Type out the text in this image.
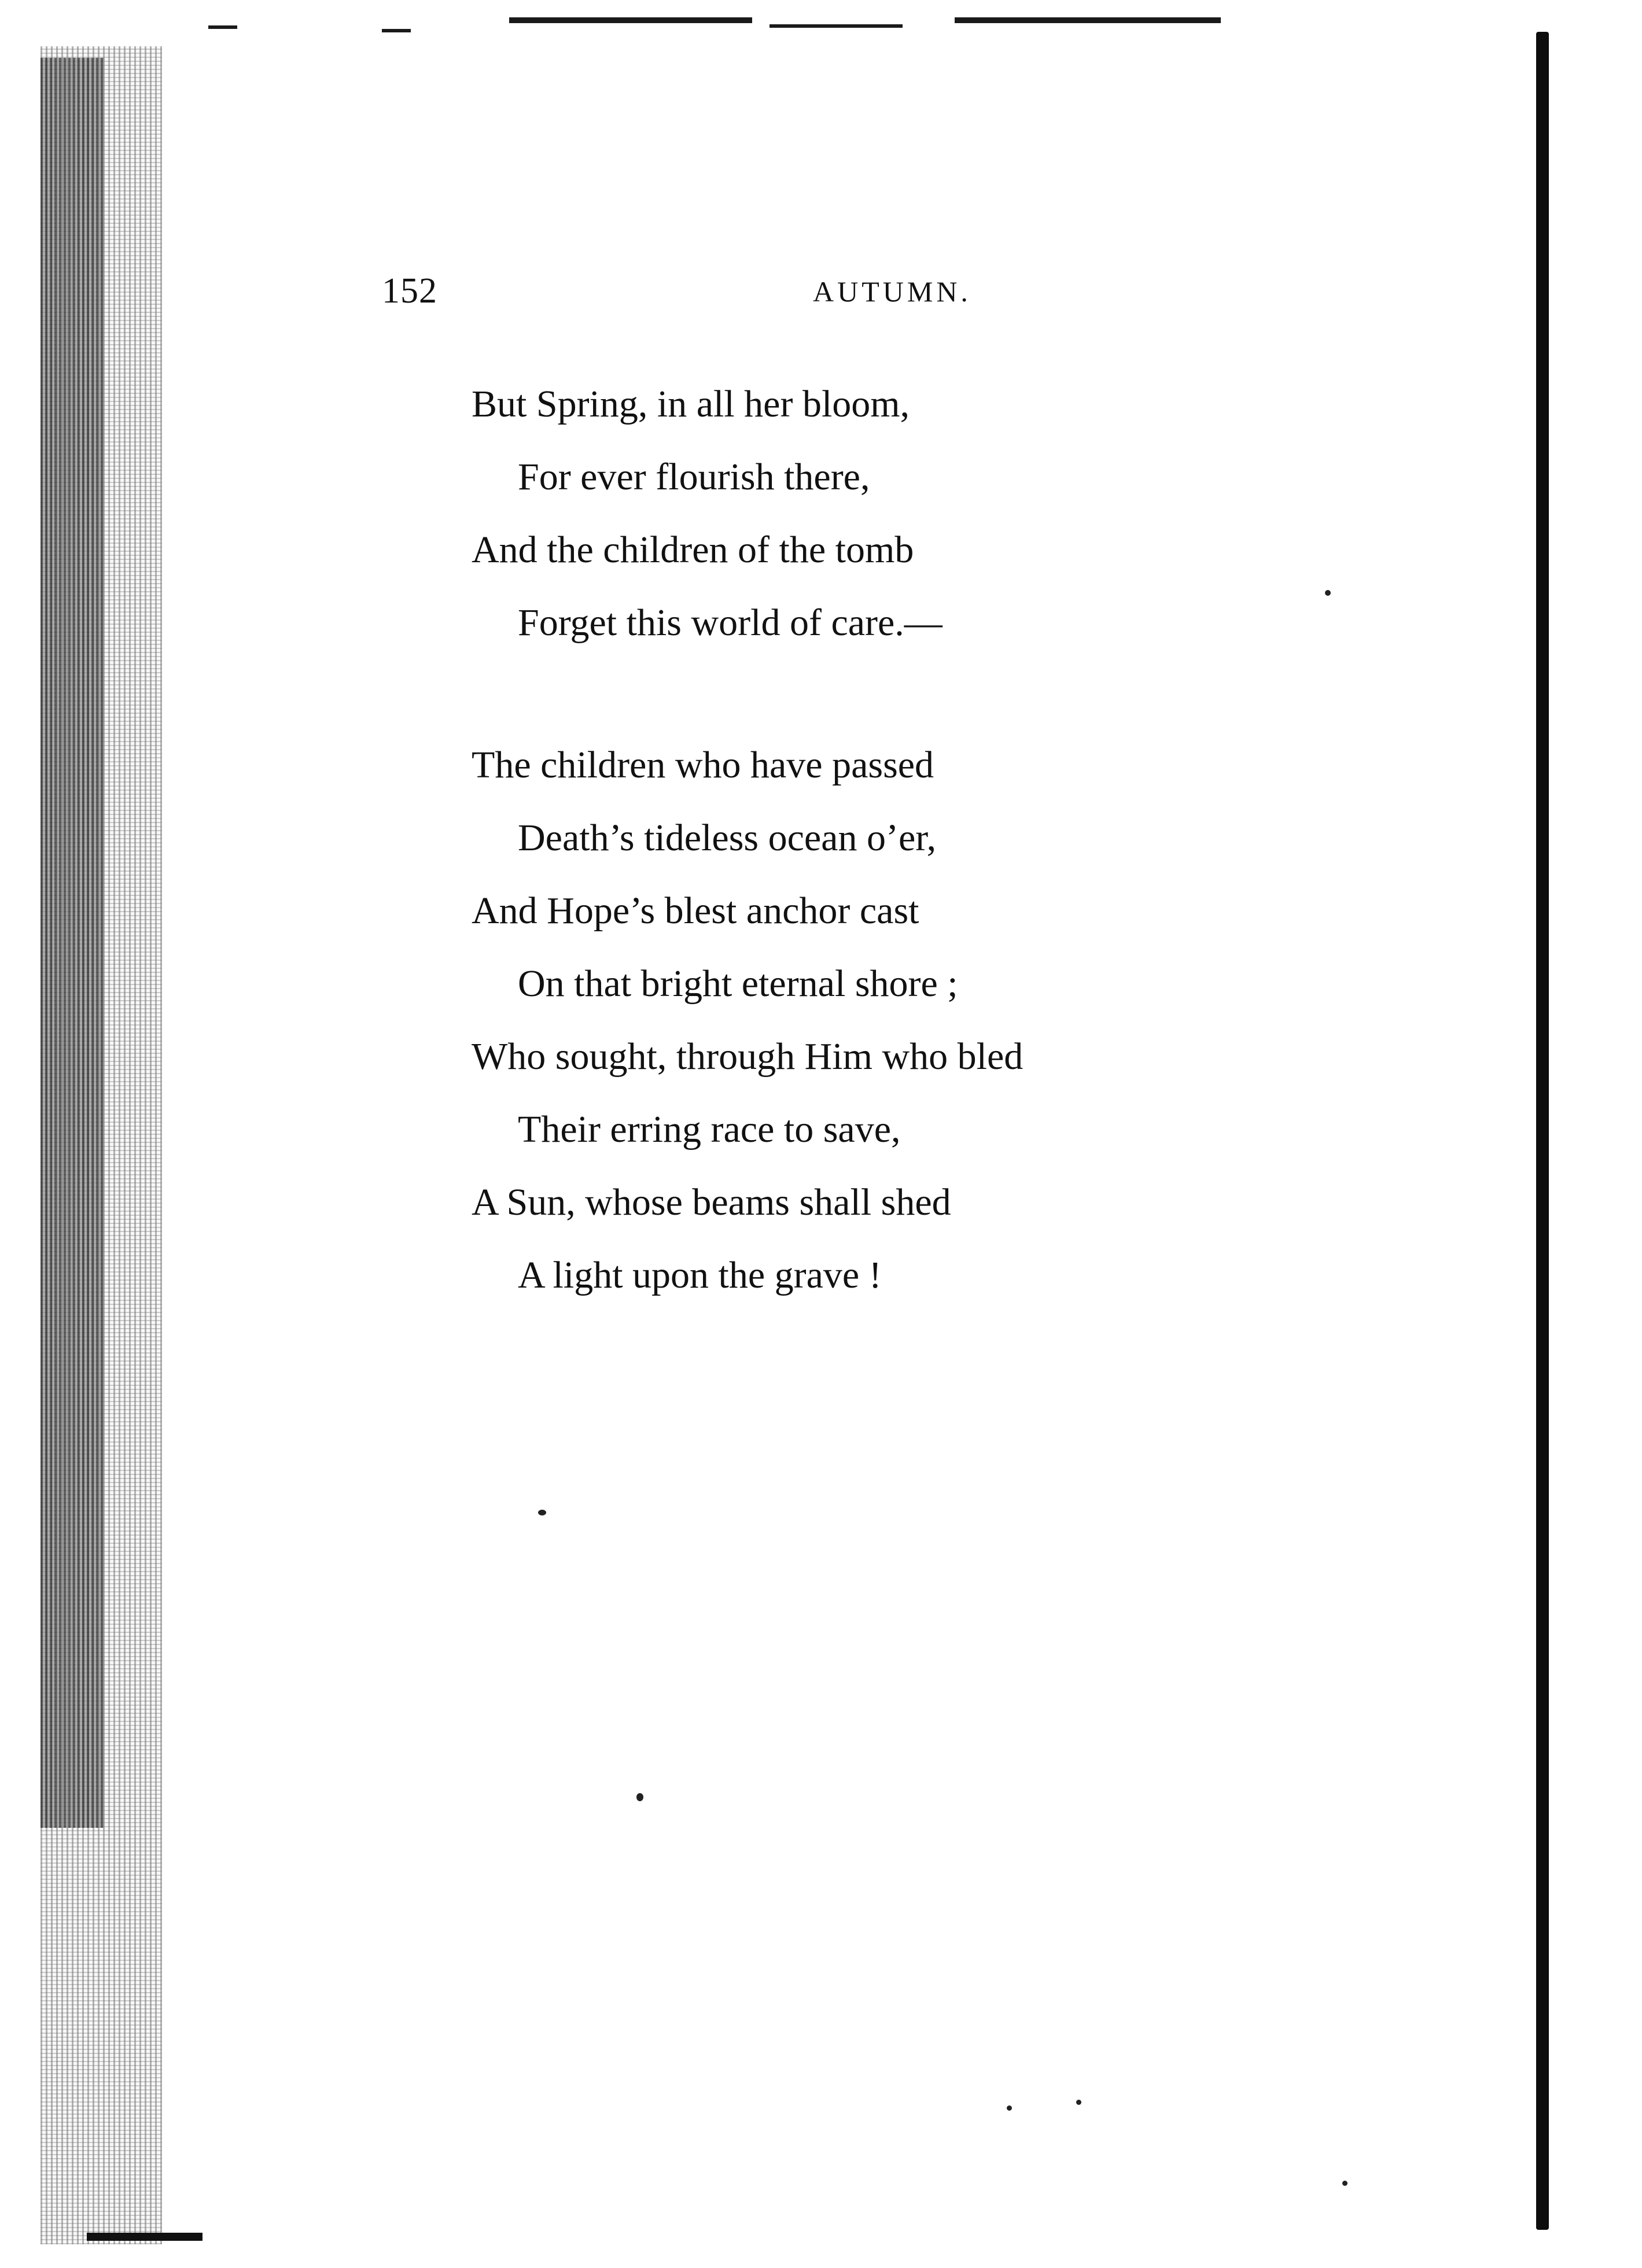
152	AUTUMN.
But Spring, in all her bloom,
For ever flourish there,
And the children of the tomb
Forget this world of care.—
The children who have passed
Death’s tideless ocean o’er,
And Hope’s blest anchor cast
On that bright eternal shore ;
Who sought, through Him who bled
Their erring race to save,
A Sun, whose beams shall shed
A light upon the grave !
